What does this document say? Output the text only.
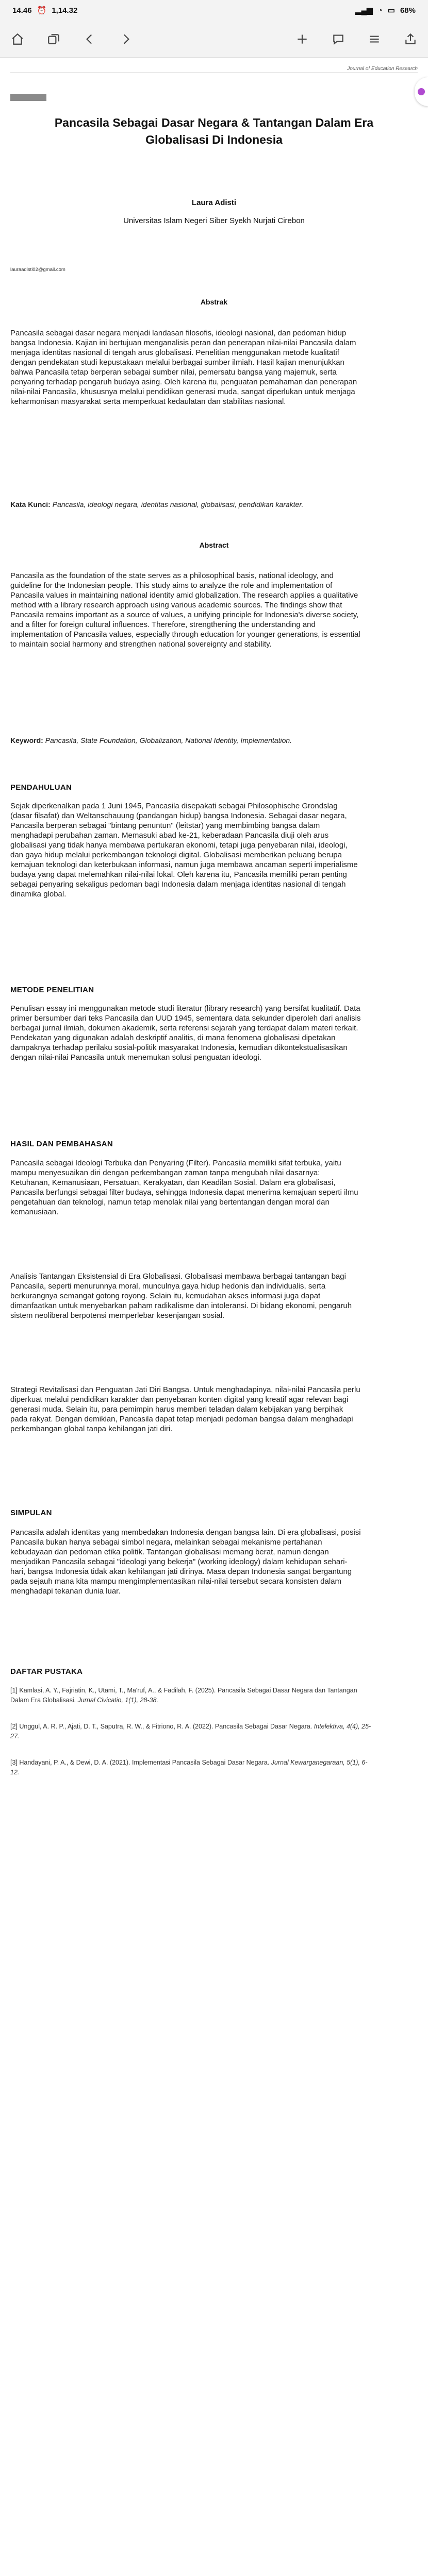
14.46 ⏰ 1,14.32	▂▄▆ ◔ ▭ 68%
Journal of Education Research
Pancasila Sebagai Dasar Negara & Tantangan Dalam Era Globalisasi Di Indonesia
Laura Adisti
Universitas Islam Negeri Siber Syekh Nurjati Cirebon
lauraadisti02@gmail.com
Abstrak
Pancasila sebagai dasar negara menjadi landasan filosofis, ideologi nasional, dan pedoman hidup bangsa Indonesia. Kajian ini bertujuan menganalisis peran dan penerapan nilai-nilai Pancasila dalam menjaga identitas nasional di tengah arus globalisasi. Penelitian menggunakan metode kualitatif dengan pendekatan studi kepustakaan melalui berbagai sumber ilmiah. Hasil kajian menunjukkan bahwa Pancasila tetap berperan sebagai sumber nilai, pemersatu bangsa yang majemuk, serta penyaring terhadap pengaruh budaya asing. Oleh karena itu, penguatan pemahaman dan penerapan nilai-nilai Pancasila, khususnya melalui pendidikan generasi muda, sangat diperlukan untuk menjaga keharmonisan masyarakat serta memperkuat kedaulatan dan stabilitas nasional.
Kata Kunci: Pancasila, ideologi negara, identitas nasional, globalisasi, pendidikan karakter.
Abstract
Pancasila as the foundation of the state serves as a philosophical basis, national ideology, and guideline for the Indonesian people. This study aims to analyze the role and implementation of Pancasila values in maintaining national identity amid globalization. The research applies a qualitative method with a library research approach using various academic sources. The findings show that Pancasila remains important as a source of values, a unifying principle for Indonesia's diverse society, and a filter for foreign cultural influences. Therefore, strengthening the understanding and implementation of Pancasila values, especially through education for younger generations, is essential to maintain social harmony and strengthen national sovereignty and stability.
Keyword: Pancasila, State Foundation, Globalization, National Identity, Implementation.
PENDAHULUAN
Sejak diperkenalkan pada 1 Juni 1945, Pancasila disepakati sebagai Philosophische Grondslag (dasar filsafat) dan Weltanschauung (pandangan hidup) bangsa Indonesia. Sebagai dasar negara, Pancasila berperan sebagai "bintang penuntun" (leitstar) yang membimbing bangsa dalam menghadapi perubahan zaman. Memasuki abad ke-21, keberadaan Pancasila diuji oleh arus globalisasi yang tidak hanya membawa pertukaran ekonomi, tetapi juga penyebaran nilai, ideologi, dan gaya hidup melalui perkembangan teknologi digital. Globalisasi memberikan peluang berupa kemajuan teknologi dan keterbukaan informasi, namun juga membawa ancaman seperti imperialisme budaya yang dapat melemahkan nilai-nilai lokal. Oleh karena itu, Pancasila memiliki peran penting sebagai penyaring sekaligus pedoman bagi Indonesia dalam menjaga identitas nasional di tengah dinamika global.
METODE PENELITIAN
Penulisan essay ini menggunakan metode studi literatur (library research) yang bersifat kualitatif. Data primer bersumber dari teks Pancasila dan UUD 1945, sementara data sekunder diperoleh dari analisis berbagai jurnal ilmiah, dokumen akademik, serta referensi sejarah yang terdapat dalam materi terkait. Pendekatan yang digunakan adalah deskriptif analitis, di mana fenomena globalisasi dipetakan dampaknya terhadap perilaku sosial-politik masyarakat Indonesia, kemudian dikontekstualisasikan dengan nilai-nilai Pancasila untuk menemukan solusi penguatan ideologi.
HASIL DAN PEMBAHASAN
Pancasila sebagai Ideologi Terbuka dan Penyaring (Filter). Pancasila memiliki sifat terbuka, yaitu mampu menyesuaikan diri dengan perkembangan zaman tanpa mengubah nilai dasarnya: Ketuhanan, Kemanusiaan, Persatuan, Kerakyatan, dan Keadilan Sosial. Dalam era globalisasi, Pancasila berfungsi sebagai filter budaya, sehingga Indonesia dapat menerima kemajuan seperti ilmu pengetahuan dan teknologi, namun tetap menolak nilai yang bertentangan dengan moral dan kemanusiaan.
Analisis Tantangan Eksistensial di Era Globalisasi. Globalisasi membawa berbagai tantangan bagi Pancasila, seperti menurunnya moral, munculnya gaya hidup hedonis dan individualis, serta berkurangnya semangat gotong royong. Selain itu, kemudahan akses informasi juga dapat dimanfaatkan untuk menyebarkan paham radikalisme dan intoleransi. Di bidang ekonomi, pengaruh sistem neoliberal berpotensi memperlebar kesenjangan sosial.
Strategi Revitalisasi dan Penguatan Jati Diri Bangsa. Untuk menghadapinya, nilai-nilai Pancasila perlu diperkuat melalui pendidikan karakter dan penyebaran konten digital yang kreatif agar relevan bagi generasi muda. Selain itu, para pemimpin harus memberi teladan dalam kebijakan yang berpihak pada rakyat. Dengan demikian, Pancasila dapat tetap menjadi pedoman bangsa dalam menghadapi perkembangan global tanpa kehilangan jati diri.
SIMPULAN
Pancasila adalah identitas yang membedakan Indonesia dengan bangsa lain. Di era globalisasi, posisi Pancasila bukan hanya sebagai simbol negara, melainkan sebagai mekanisme pertahanan kebudayaan dan pedoman etika politik. Tantangan globalisasi memang berat, namun dengan menjadikan Pancasila sebagai "ideologi yang bekerja" (working ideology) dalam kehidupan sehari-hari, bangsa Indonesia tidak akan kehilangan jati dirinya. Masa depan Indonesia sangat bergantung pada sejauh mana kita mampu mengimplementasikan nilai-nilai tersebut secara konsisten dalam menghadapi tekanan dunia luar.
DAFTAR PUSTAKA
[1] Kamlasi, A. Y., Fajriatin, K., Utami, T., Ma'ruf, A., & Fadilah, F. (2025). Pancasila Sebagai Dasar Negara dan Tantangan Dalam Era Globalisasi. Jurnal Civicatio, 1(1), 28-38.
[2] Unggul, A. R. P., Ajati, D. T., Saputra, R. W., & Fitriono, R. A. (2022). Pancasila Sebagai Dasar Negara. Intelektiva, 4(4), 25-27.
[3] Handayani, P. A., & Dewi, D. A. (2021). Implementasi Pancasila Sebagai Dasar Negara. Jurnal Kewarganegaraan, 5(1), 6-12.
